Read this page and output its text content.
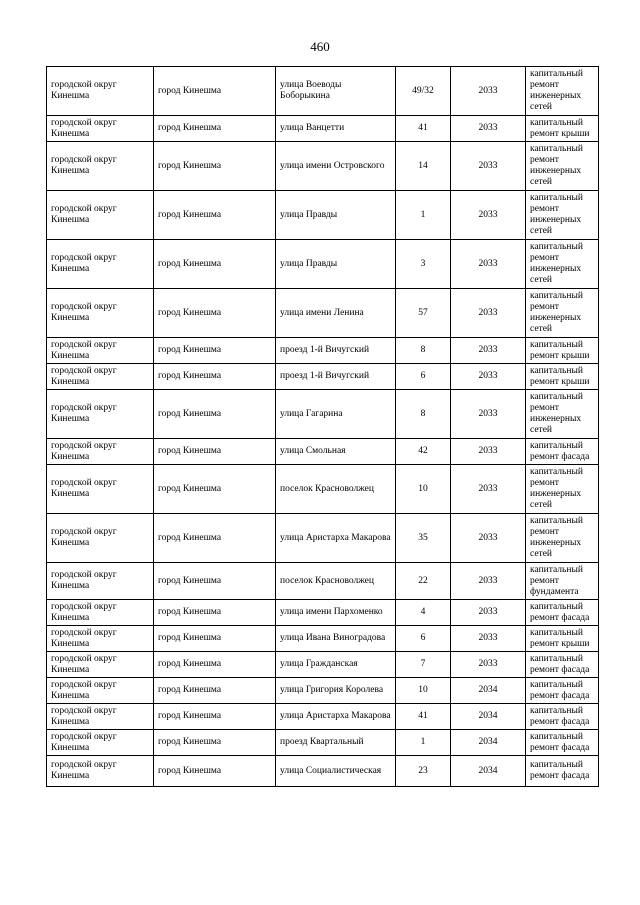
460
городской округ Кинешма	город Кинешма	улица Воеводы Боборыкина	49/32	2033	капитальный ремонт инженерных сетей
городской округ Кинешма	город Кинешма	улица Ванцетти	41	2033	капитальный ремонт крыши
городской округ Кинешма	город Кинешма	улица имени Островского	14	2033	капитальный ремонт инженерных сетей
городской округ Кинешма	город Кинешма	улица Правды	1	2033	капитальный ремонт инженерных сетей
городской округ Кинешма	город Кинешма	улица Правды	3	2033	капитальный ремонт инженерных сетей
городской округ Кинешма	город Кинешма	улица имени Ленина	57	2033	капитальный ремонт инженерных сетей
городской округ Кинешма	город Кинешма	проезд 1-й Вичугский	8	2033	капитальный ремонт крыши
городской округ Кинешма	город Кинешма	проезд 1-й Вичугский	6	2033	капитальный ремонт крыши
городской округ Кинешма	город Кинешма	улица Гагарина	8	2033	капитальный ремонт инженерных сетей
городской округ Кинешма	город Кинешма	улица Смольная	42	2033	капитальный ремонт фасада
городской округ Кинешма	город Кинешма	поселок Красноволжец	10	2033	капитальный ремонт инженерных сетей
городской округ Кинешма	город Кинешма	улица Аристарха Макарова	35	2033	капитальный ремонт инженерных сетей
городской округ Кинешма	город Кинешма	поселок Красноволжец	22	2033	капитальный ремонт фундамента
городской округ Кинешма	город Кинешма	улица имени Пархоменко	4	2033	капитальный ремонт фасада
городской округ Кинешма	город Кинешма	улица Ивана Виноградова	6	2033	капитальный ремонт крыши
городской округ Кинешма	город Кинешма	улица Гражданская	7	2033	капитальный ремонт фасада
городской округ Кинешма	город Кинешма	улица Григория Королева	10	2034	капитальный ремонт фасада
городской округ Кинешма	город Кинешма	улица Аристарха Макарова	41	2034	капитальный ремонт фасада
городской округ Кинешма	город Кинешма	проезд Квартальный	1	2034	капитальный ремонт фасада
городской округ Кинешма	город Кинешма	улица Социалистическая	23	2034	капитальный ремонт фасада
